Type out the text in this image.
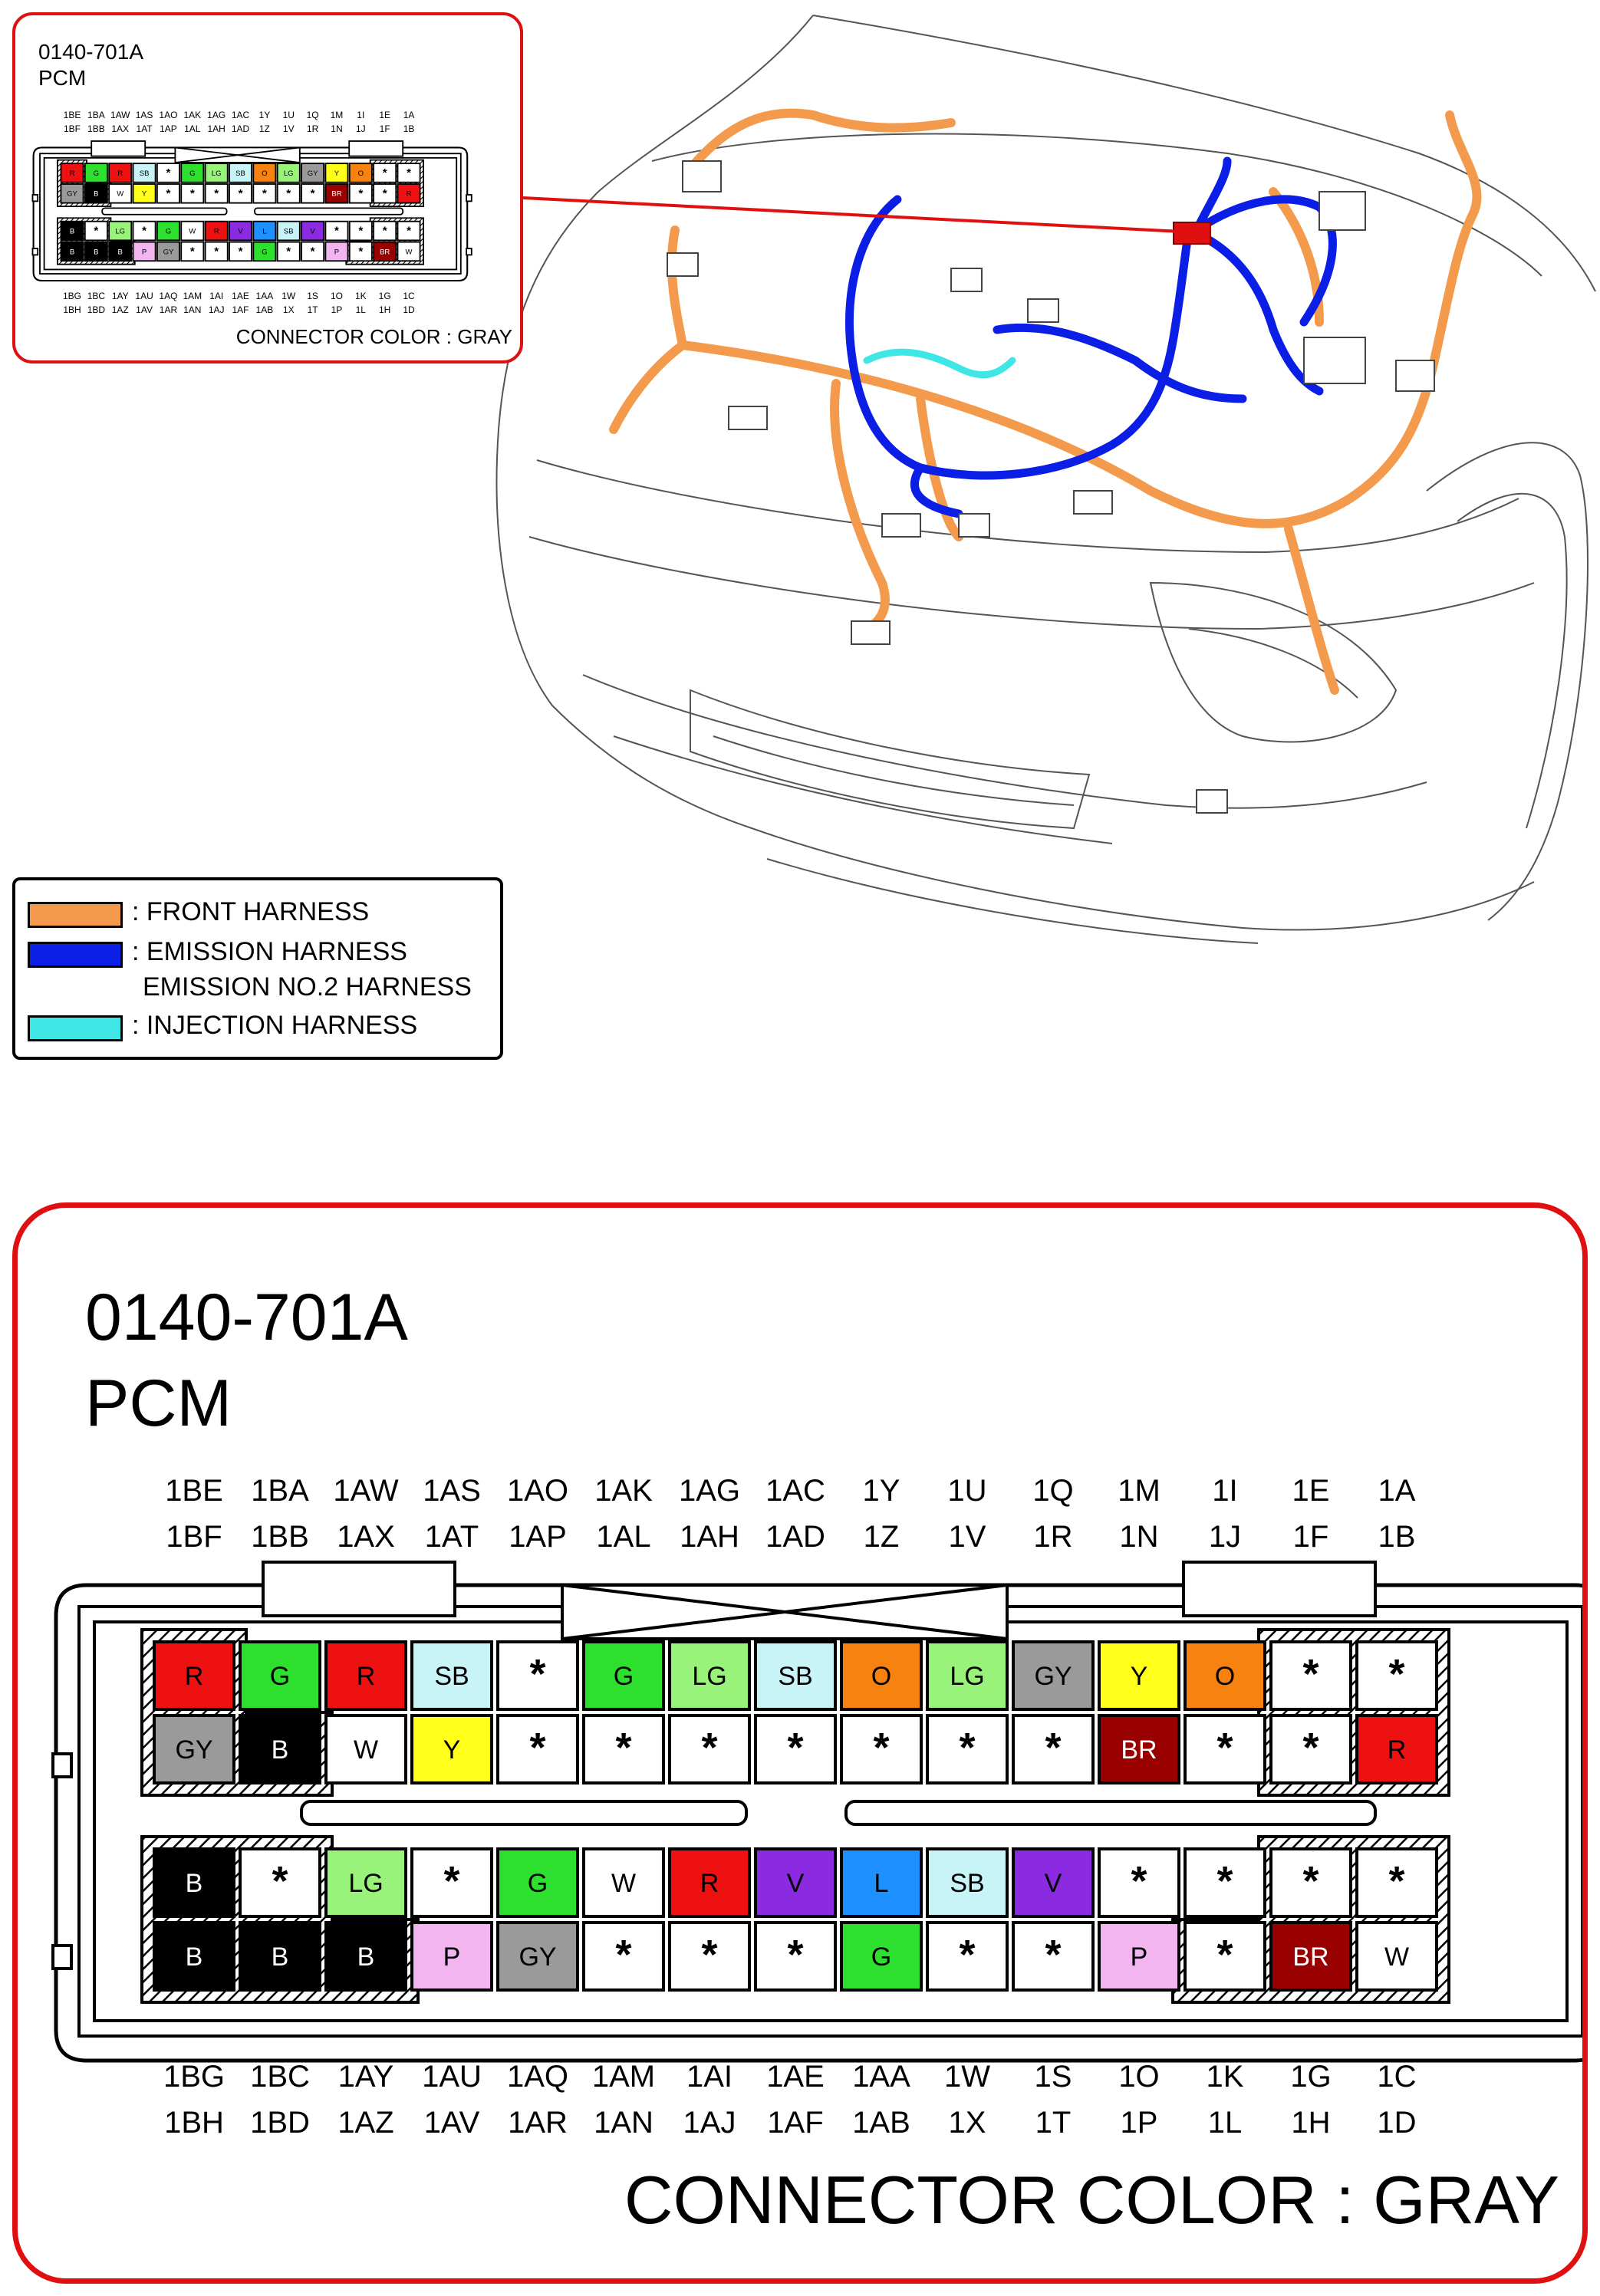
0140-701A
PCM
R	G	R SB *	G LG SB O LG GY Y	O * *
GY B W Y * * * * * * * BR * *	R
B * LG *	G W R	V	L SB V * * * *
B	B	B	P GY * * *	G * *	P * BR W
1BE 1BA 1AW 1AS 1AO 1AK 1AG 1AC 1Y 1U 1Q 1M 1I 1E 1A
1BF 1BB 1AX 1AT 1AP 1AL 1AH 1AD 1Z 1V 1R 1N 1J 1F 1B
1BG 1BC 1AY 1AU 1AQ 1AM 1AI 1AE 1AA 1W 1S 1O 1K 1G 1C
1BH 1BD 1AZ 1AV 1AR 1AN 1AJ 1AF 1AB 1X 1T 1P 1L 1H 1D
CONNECTOR COLOR : GRAY
: FRONT HARNESS
: EMISSION HARNESS
EMISSION NO.2 HARNESS
: INJECTION HARNESS
0140-701A
PCM
R	G	R SB *	G LG SB O LG GY Y	O * *
GY B W Y * * * * * * * BR * *	R
B * LG *	G W R	V	L SB V * * * *
B	B	B	P GY * * *	G * *	P * BR W
1BE 1BA 1AW 1AS 1AO 1AK 1AG 1AC 1Y 1U 1Q 1M 1I 1E 1A
1BF 1BB 1AX 1AT 1AP 1AL 1AH 1AD 1Z 1V 1R 1N 1J 1F 1B
1BG 1BC 1AY 1AU 1AQ 1AM 1AI 1AE 1AA 1W 1S 1O 1K 1G 1C
1BH 1BD 1AZ 1AV 1AR 1AN 1AJ 1AF 1AB 1X 1T 1P 1L 1H 1D
CONNECTOR COLOR : GRAY
